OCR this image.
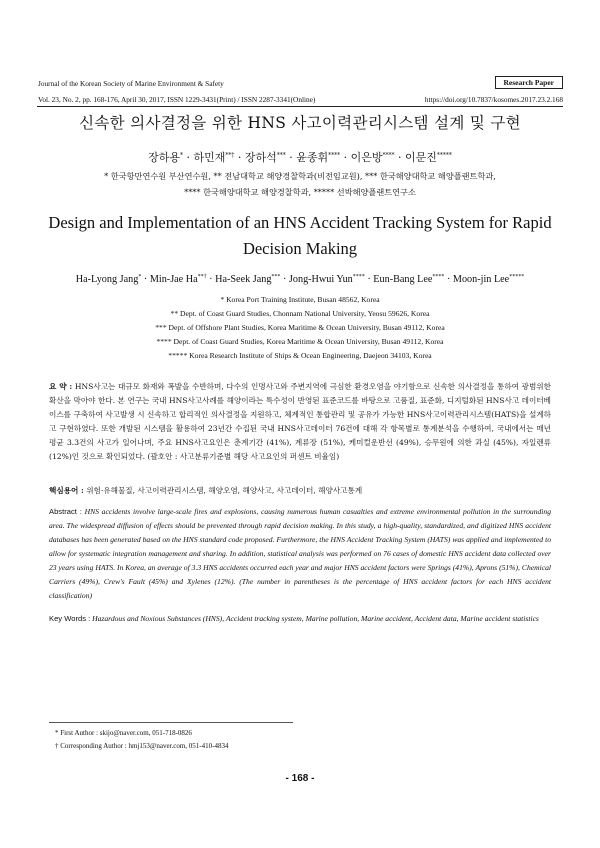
Journal of the Korean Society of Marine Environment & Safety	Research Paper
Vol. 23, No. 2, pp. 168-176, April 30, 2017, ISSN 1229-3431(Print) / ISSN 2287-3341(Online)	https://doi.org/10.7837/kosomes.2017.23.2.168
신속한 의사결정을 위한 HNS 사고이력관리시스템 설계 및 구현
장하용* · 하민재**† · 장하석*** · 윤종휘**** · 이은방**** · 이문진*****
* 한국항만연수원 부산연수원, ** 전남대학교 해양경찰학과(비전임교원), *** 한국해양대학교 해양플랜트학과,
**** 한국해양대학교 해양경찰학과, ***** 선박해양플랜트연구소
Design and Implementation of an HNS Accident Tracking System for Rapid
Decision Making
Ha-Lyong Jang* · Min-Jae Ha**† · Ha-Seek Jang*** · Jong-Hwui Yun**** · Eun-Bang Lee**** · Moon-jin Lee*****
* Korea Port Training Institute, Busan 48562, Korea
** Dept. of Coast Guard Studies, Chonnam National University, Yeosu 59626, Korea
*** Dept. of Offshore Plant Studies, Korea Maritime & Ocean University, Busan 49112, Korea
**** Dept. of Coast Guard Studies, Korea Maritime & Ocean University, Busan 49112, Korea
***** Korea Research Institute of Ships & Ocean Engineering, Daejeon 34103, Korea
요 약 : HNS사고는 대규모 화재와 폭발을 수반하며, 다수의 인명사고와 주변지역에 극심한 환경오염을 야기함으로 신속한 의사결정을 통하여 광범위한 확산을 막아야 한다. 본 연구는 국내 HNS사고사례를 해양이라는 특수성이 반영된 표준코드를 바탕으로 고품질, 표준화, 디지털화된 HNS사고 데이터베이스를 구축하여 사고발생 시 신속하고 합리적인 의사결정을 지원하고, 체계적인 통합관리 및 공유가 가능한 HNS사고이력관리시스템(HATS)을 설계하고 구현하였다. 또한 개발된 시스템을 활용하여 23년간 수집된 국내 HNS사고데이터 76건에 대해 각 항목별로 통계분석을 수행하여, 국내에서는 매년 평균 3.3건의 사고가 일어나며, 주요 HNS사고요인은 춘계기간 (41%), 계류장 (51%), 케미컬운반선 (49%), 승무원에 의한 과실 (45%), 자일렌류 (12%)인 것으로 확인되었다. (괄호안 : 사고분류기준별 해당 사고요인의 퍼센트 비율임)
핵심용어 : 위험·유해물질, 사고이력관리시스템, 해양오염, 해양사고, 사고데이터, 해양사고통계
Abstract : HNS accidents involve large-scale fires and explosions, causing numerous human casualties and extreme environmental pollution in the surrounding area. The widespread diffusion of effects should be prevented through rapid decision making. In this study, a high-quality, standardized, and digitized HNS accident databases has been generated based on the HNS standard code proposed. Furthermore, the HNS Accident Tracking System (HATS) was applied and implemented to allow for systematic integration management and sharing. In addition, statistical analysis was performed on 76 cases of domestic HNS accident data collected over 23 years using HATS. In Korea, an average of 3.3 HNS accidents occurred each year and major HNS accident factors were Springs (41%), Aprons (51%), Chemical Carriers (49%), Crew's Fault (45%) and Xylenes (12%). (The number in parentheses is the percentage of HNS accident factors for each HNS accident classification)
Key Words : Hazardous and Noxious Substances (HNS), Accident tracking system, Marine pollution, Marine accident, Accident data, Marine accident statistics
* First Author : skijo@naver.com, 051-718-0826
† Corresponding Author : hmj153@naver.com, 051-410-4834
- 168 -
